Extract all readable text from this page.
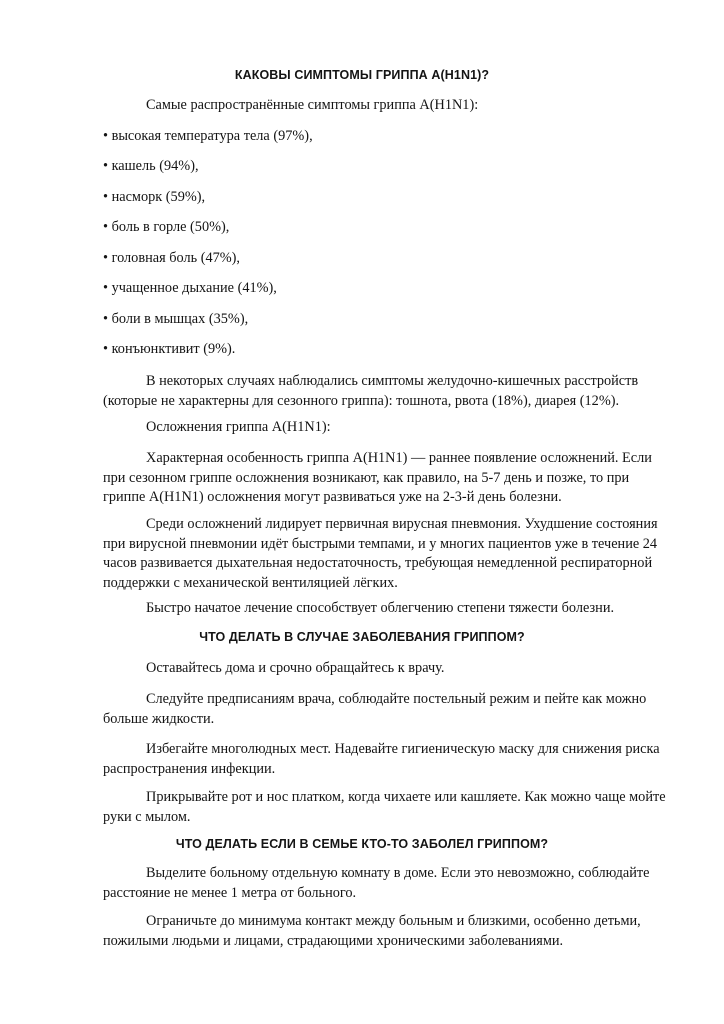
КАКОВЫ СИМПТОМЫ ГРИППА A(H1N1)?
Самые распространённые симптомы гриппа A(H1N1):
• высокая температура тела (97%),
• кашель (94%),
• насморк (59%),
• боль в горле (50%),
• головная боль (47%),
• учащенное дыхание (41%),
• боли в мышцах (35%),
• конъюнктивит (9%).
В некоторых случаях наблюдались симптомы желудочно-кишечных расстройств
(которые не характерны для сезонного гриппа): тошнота, рвота (18%), диарея (12%).
Осложнения гриппа A(H1N1):
Характерная особенность гриппа A(H1N1) — раннее появление осложнений. Если
при сезонном гриппе осложнения возникают, как правило, на 5-7 день и позже, то при
гриппе A(H1N1) осложнения могут развиваться уже на 2-3-й день болезни.
Среди осложнений лидирует первичная вирусная пневмония. Ухудшение состояния
при вирусной пневмонии идёт быстрыми темпами, и у многих пациентов уже в течение 24
часов развивается дыхательная недостаточность, требующая немедленной респираторной
поддержки с механической вентиляцией лёгких.
Быстро начатое лечение способствует облегчению степени тяжести болезни.
ЧТО ДЕЛАТЬ В СЛУЧАЕ ЗАБОЛЕВАНИЯ ГРИППОМ?
Оставайтесь дома и срочно обращайтесь к врачу.
Следуйте предписаниям врача, соблюдайте постельный режим и пейте как можно
больше жидкости.
Избегайте многолюдных мест. Надевайте гигиеническую маску для снижения риска
распространения инфекции.
Прикрывайте рот и нос платком, когда чихаете или кашляете. Как можно чаще мойте
руки с мылом.
ЧТО ДЕЛАТЬ ЕСЛИ В СЕМЬЕ КТО-ТО ЗАБОЛЕЛ ГРИППОМ?
Выделите больному отдельную комнату в доме. Если это невозможно, соблюдайте
расстояние не менее 1 метра от больного.
Ограничьте до минимума контакт между больным и близкими, особенно детьми,
пожилыми людьми и лицами, страдающими хроническими заболеваниями.
